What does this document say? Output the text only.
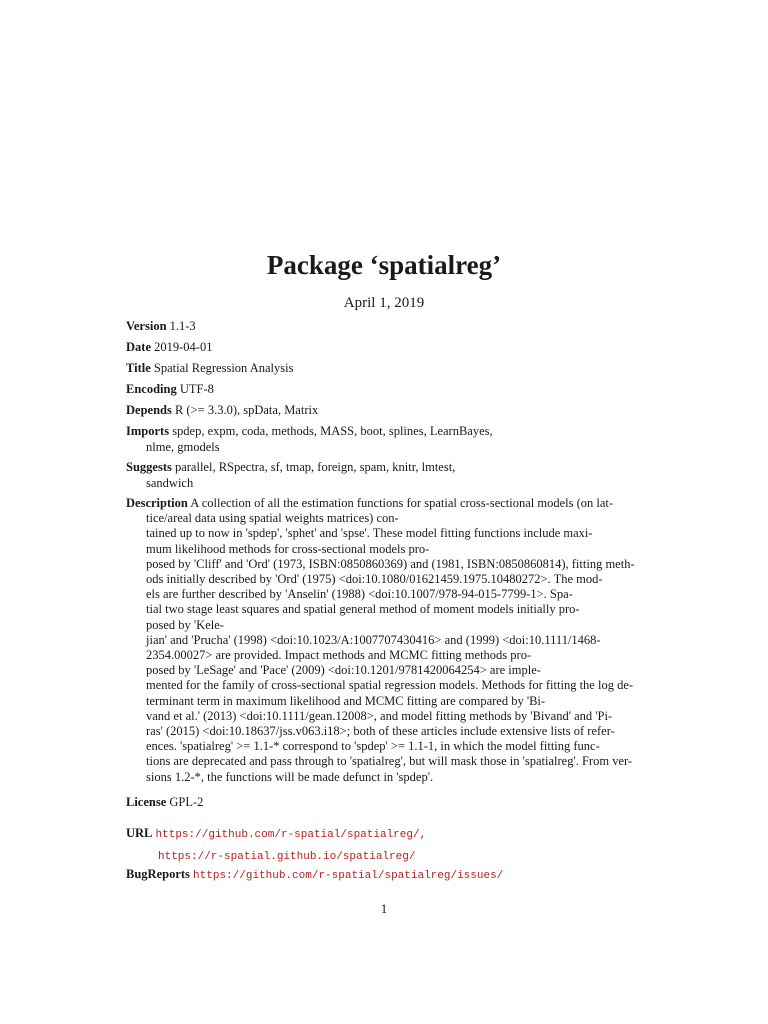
Package ‘spatialreg’
April 1, 2019
Version 1.1-3
Date 2019-04-01
Title Spatial Regression Analysis
Encoding UTF-8
Depends R (>= 3.3.0), spData, Matrix
Imports spdep, expm, coda, methods, MASS, boot, splines, LearnBayes,
nlme, gmodels
Suggests parallel, RSpectra, sf, tmap, foreign, spam, knitr, lmtest,
sandwich
Description A collection of all the estimation functions for spatial cross-sectional models (on lat-
tice/areal data using spatial weights matrices) con-
tained up to now in 'spdep', 'sphet' and 'spse'. These model fitting functions include maxi-
mum likelihood methods for cross-sectional models pro-
posed by 'Cliff' and 'Ord' (1973, ISBN:0850860369) and (1981, ISBN:0850860814), fitting meth-
ods initially described by 'Ord' (1975) <doi:10.1080/01621459.1975.10480272>. The mod-
els are further described by 'Anselin' (1988) <doi:10.1007/978-94-015-7799-1>. Spa-
tial two stage least squares and spatial general method of moment models initially pro-
posed by 'Kele-
jian' and 'Prucha' (1998) <doi:10.1023/A:1007707430416> and (1999) <doi:10.1111/1468-
2354.00027> are provided. Impact methods and MCMC fitting methods pro-
posed by 'LeSage' and 'Pace' (2009) <doi:10.1201/9781420064254> are imple-
mented for the family of cross-sectional spatial regression models. Methods for fitting the log de-
terminant term in maximum likelihood and MCMC fitting are compared by 'Bi-
vand et al.' (2013) <doi:10.1111/gean.12008>, and model fitting methods by 'Bivand' and 'Pi-
ras' (2015) <doi:10.18637/jss.v063.i18>; both of these articles include extensive lists of refer-
ences. 'spatialreg' >= 1.1-* correspond to 'spdep' >= 1.1-1, in which the model fitting func-
tions are deprecated and pass through to 'spatialreg', but will mask those in 'spatialreg'. From ver-
sions 1.2-*, the functions will be made defunct in 'spdep'.
License GPL-2
URL https://github.com/r-spatial/spatialreg/,
https://r-spatial.github.io/spatialreg/
BugReports https://github.com/r-spatial/spatialreg/issues/
1
